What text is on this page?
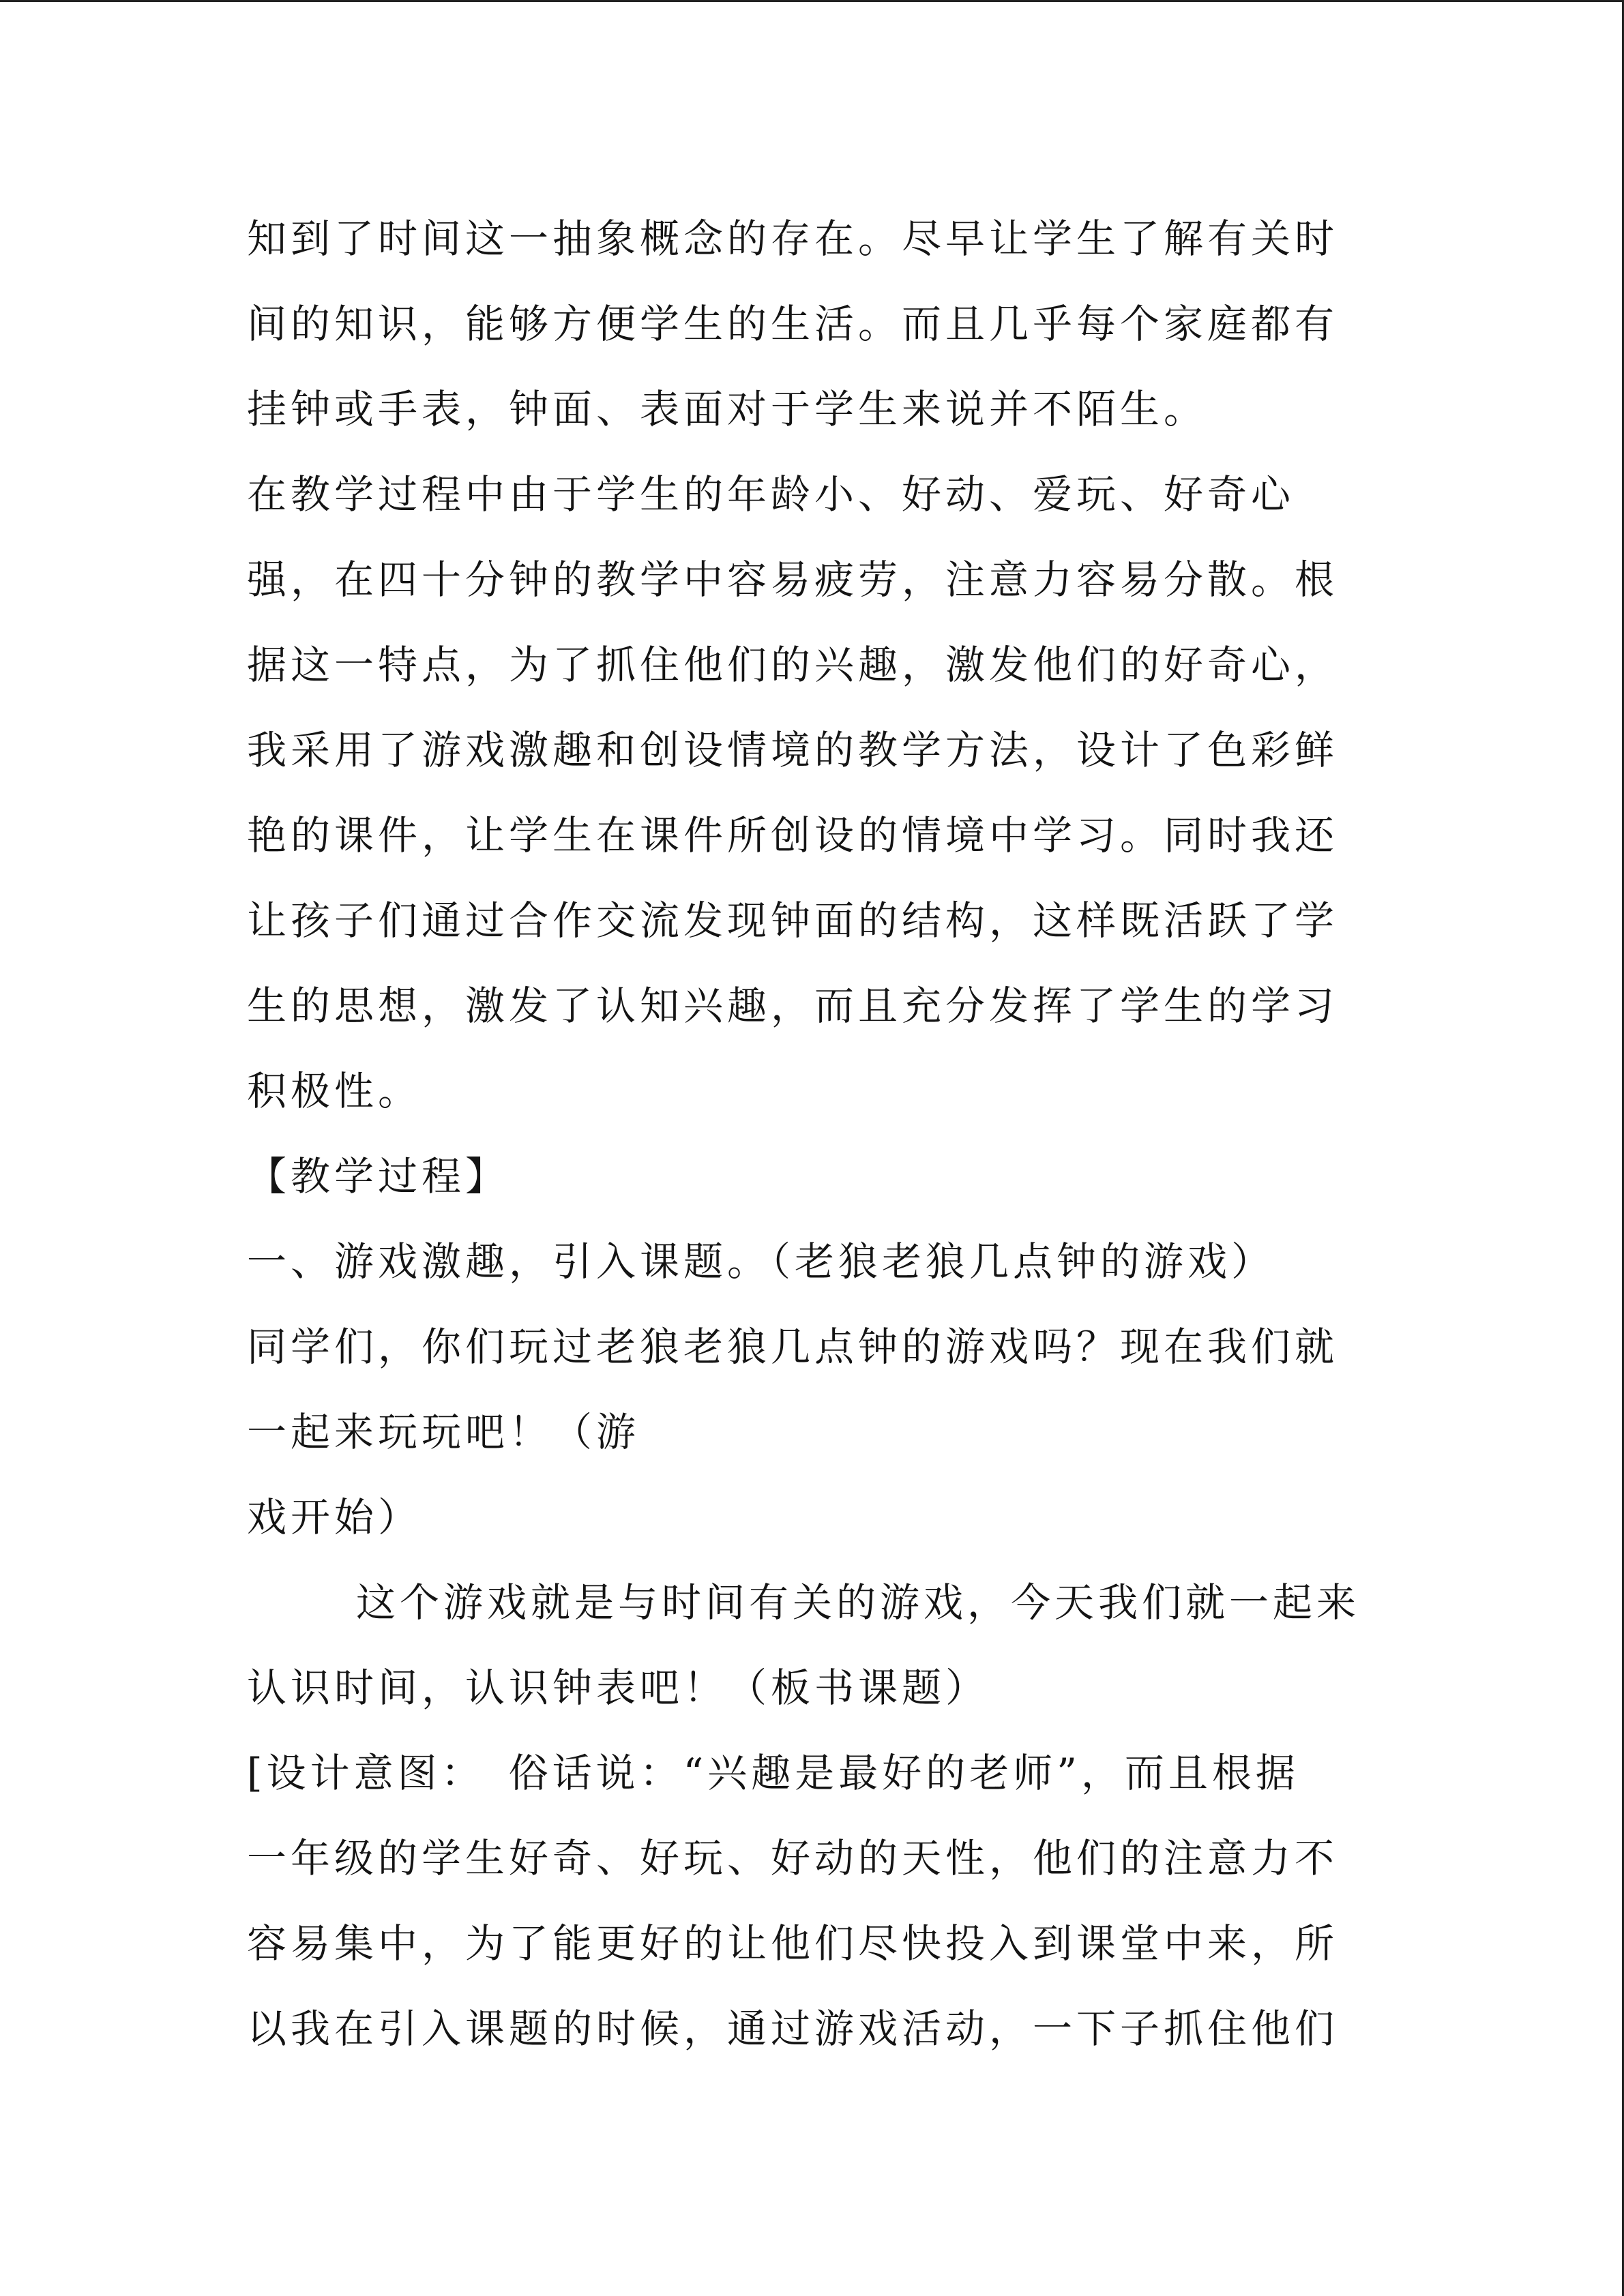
知到了时间这一抽象概念的存在。尽早让学生了解有关时
间的知识，能够方便学生的生活。而且几乎每个家庭都有
挂钟或手表，钟面、表面对于学生来说并不陌生。
在教学过程中由于学生的年龄小、好动、爱玩、好奇心
强，在四十分钟的教学中容易疲劳，注意力容易分散。根
据这一特点，为了抓住他们的兴趣，激发他们的好奇心，
我采用了游戏激趣和创设情境的教学方法，设计了色彩鲜
艳的课件，让学生在课件所创设的情境中学习。同时我还
让孩子们通过合作交流发现钟面的结构，这样既活跃了学
生的思想，激发了认知兴趣，而且充分发挥了学生的学习
积极性。
【教学过程】
一、游戏激趣，引入课题。（老狼老狼几点钟的游戏）
同学们，你们玩过老狼老狼几点钟的游戏吗？现在我们就
一起来玩玩吧！（游
戏开始）
这个游戏就是与时间有关的游戏，今天我们就一起来
认识时间，认识钟表吧！（板书课题）
[设计意图：　俗话说：“兴趣是最好的老师”，而且根据
一年级的学生好奇、好玩、好动的天性，他们的注意力不
容易集中，为了能更好的让他们尽快投入到课堂中来，所
以我在引入课题的时候，通过游戏活动，一下子抓住他们
